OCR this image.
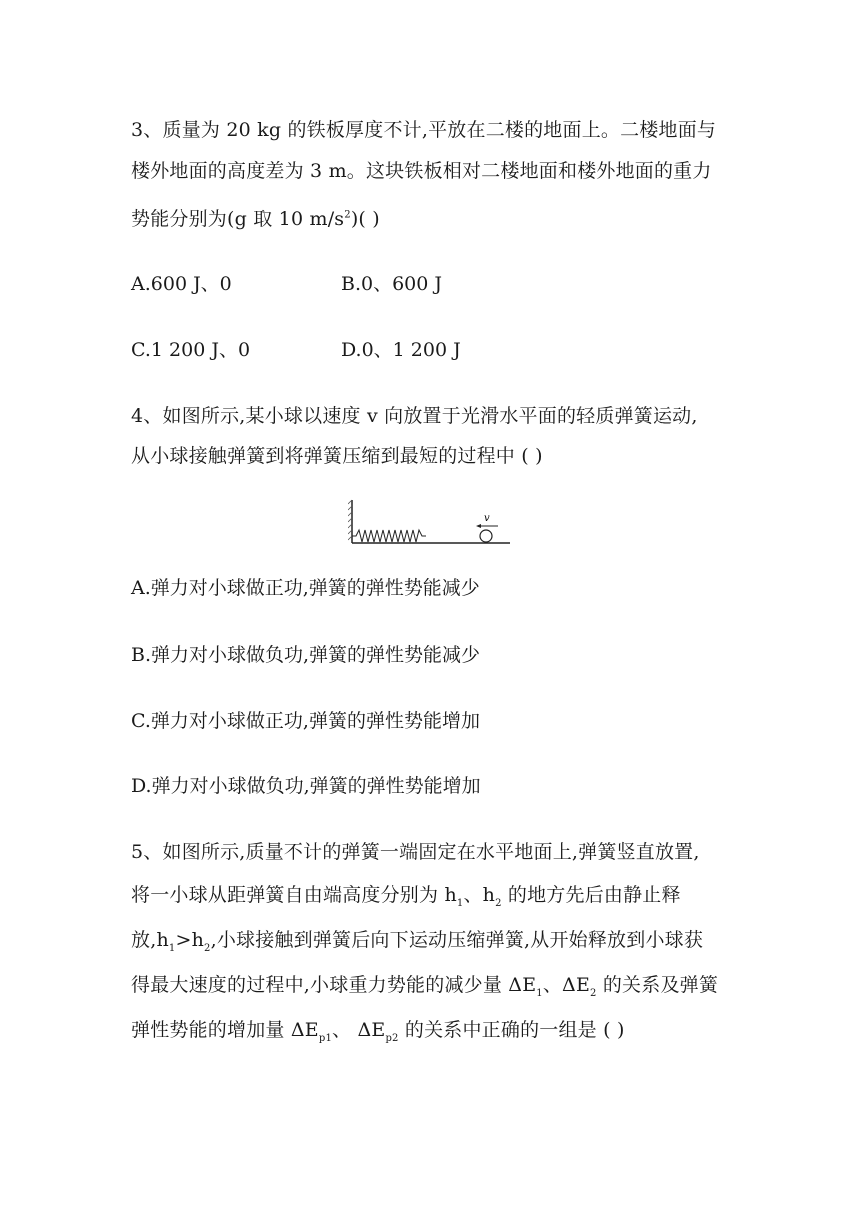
3、质量为 20 kg 的铁板厚度不计,平放在二楼的地面上。二楼地面与
楼外地面的高度差为 3 m。这块铁板相对二楼地面和楼外地面的重力
势能分别为(g 取 10 $m/s^2$)( )
A.600 J、0	B.0、600 J
C.1 200 J、0	D.0、1 200 J
4、如图所示,某小球以速度 v 向放置于光滑水平面的轻质弹簧运动,
从小球接触弹簧到将弹簧压缩到最短的过程中 ( )
v
A.弹力对小球做正功,弹簧的弹性势能减少
B.弹力对小球做负功,弹簧的弹性势能减少
C.弹力对小球做正功,弹簧的弹性势能增加
D.弹力对小球做负功,弹簧的弹性势能增加
5、如图所示,质量不计的弹簧一端固定在水平地面上,弹簧竖直放置,
将一小球从距弹簧自由端高度分别为 $h_1$、$h_2$ 的地方先后由静止释
放$,h_1>h_2$,小球接触到弹簧后向下运动压缩弹簧,从开始释放到小球获
得最大速度的过程中,小球重力势能的减少量 $\Delta E_1$、$\Delta E_2$ 的关系及弹簧
弹性势能的增加量 $\Delta E_{p1}$、 $\Delta E_{p2}$ 的关系中正确的一组是 ( )
